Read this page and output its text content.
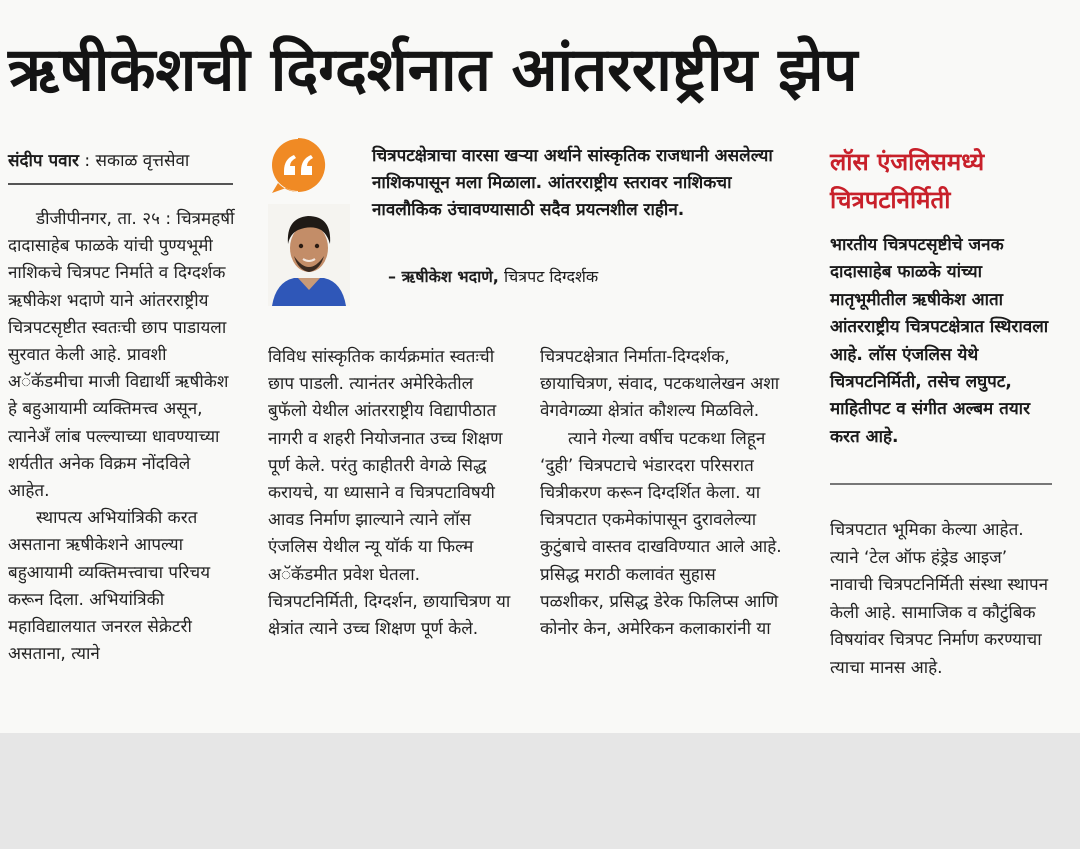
ऋषीकेशची दिग्दर्शनात आंतरराष्ट्रीय झेप
संदीप पवार : सकाळ वृत्तसेवा

डीजीपीनगर, ता. २५ : चित्रमहर्षी दादासाहेब फाळके यांची पुण्यभूमी नाशिकचे चित्रपट निर्माते व दिग्दर्शक ऋषीकेश भदाणे याने आंतरराष्ट्रीय चित्रपटसृष्टीत स्वतःची छाप पाडायला सुरवात केली आहे. प्रावशी अॅकॅडमीचा माजी विद्यार्थी ऋषीकेश हे बहुआयामी व्यक्तिमत्त्व असून, त्यानेअँ लांब पल्ल्याच्या धावण्याच्या शर्यतीत अनेक विक्रम नोंदविले आहेत.

स्थापत्य अभियांत्रिकी करत असताना ऋषीकेशने आपल्या बहुआयामी व्यक्तिमत्त्वाचा परिचय करून दिला. अभियांत्रिकी महाविद्यालयात जनरल सेक्रेटरी असताना, त्याने

चित्रपटक्षेत्राचा वारसा खऱ्या अर्थाने सांस्कृतिक राजधानी असलेल्या नाशिकपासून मला मिळाला. आंतरराष्ट्रीय स्तरावर नाशिकचा नावलौकिक उंचावण्यासाठी सदैव प्रयत्नशील राहीन.
– ऋषीकेश भदाणे, चित्रपट दिग्दर्शक

विविध सांस्कृतिक कार्यक्रमांत स्वतःची छाप पाडली. त्यानंतर अमेरिकेतील बुफॅलो येथील आंतरराष्ट्रीय विद्यापीठात नागरी व शहरी नियोजनात उच्च शिक्षण पूर्ण केले. परंतु काहीतरी वेगळे सिद्ध करायचे, या ध्यासाने व चित्रपटाविषयी आवड निर्माण झाल्याने त्याने लॉस एंजलिस येथील न्यू यॉर्क या फिल्म अॅकॅडमीत प्रवेश घेतला. चित्रपटनिर्मिती, दिग्दर्शन, छायाचित्रण या क्षेत्रांत त्याने उच्च शिक्षण पूर्ण केले.

चित्रपटक्षेत्रात निर्माता-दिग्दर्शक, छायाचित्रण, संवाद, पटकथालेखन अशा वेगवेगळ्या क्षेत्रांत कौशल्य मिळविले.

त्याने गेल्या वर्षीच पटकथा लिहून ‘दुही’ चित्रपटाचे भंडारदरा परिसरात चित्रीकरण करून दिग्दर्शित केला. या चित्रपटात एकमेकांपासून दुरावलेल्या कुटुंबाचे वास्तव दाखविण्यात आले आहे. प्रसिद्ध मराठी कलावंत सुहास पळशीकर, प्रसिद्ध डेरेक फिलिप्स आणि कोनोर केन, अमेरिकन कलाकारांनी या

लॉस एंजलिसमध्ये चित्रपटनिर्मिती
भारतीय चित्रपटसृष्टीचे जनक दादासाहेब फाळके यांच्या मातृभूमीतील ऋषीकेश आता आंतरराष्ट्रीय चित्रपटक्षेत्रात स्थिरावला आहे. लॉस एंजलिस येथे चित्रपटनिर्मिती, तसेच लघुपट, माहितीपट व संगीत अल्बम तयार करत आहे.
चित्रपटात भूमिका केल्या आहेत. त्याने ‘टेल ऑफ हंड्रेड आइज’ नावाची चित्रपटनिर्मिती संस्था स्थापन केली आहे. सामाजिक व कौटुंबिक विषयांवर चित्रपट निर्माण करण्याचा त्याचा मानस आहे.
